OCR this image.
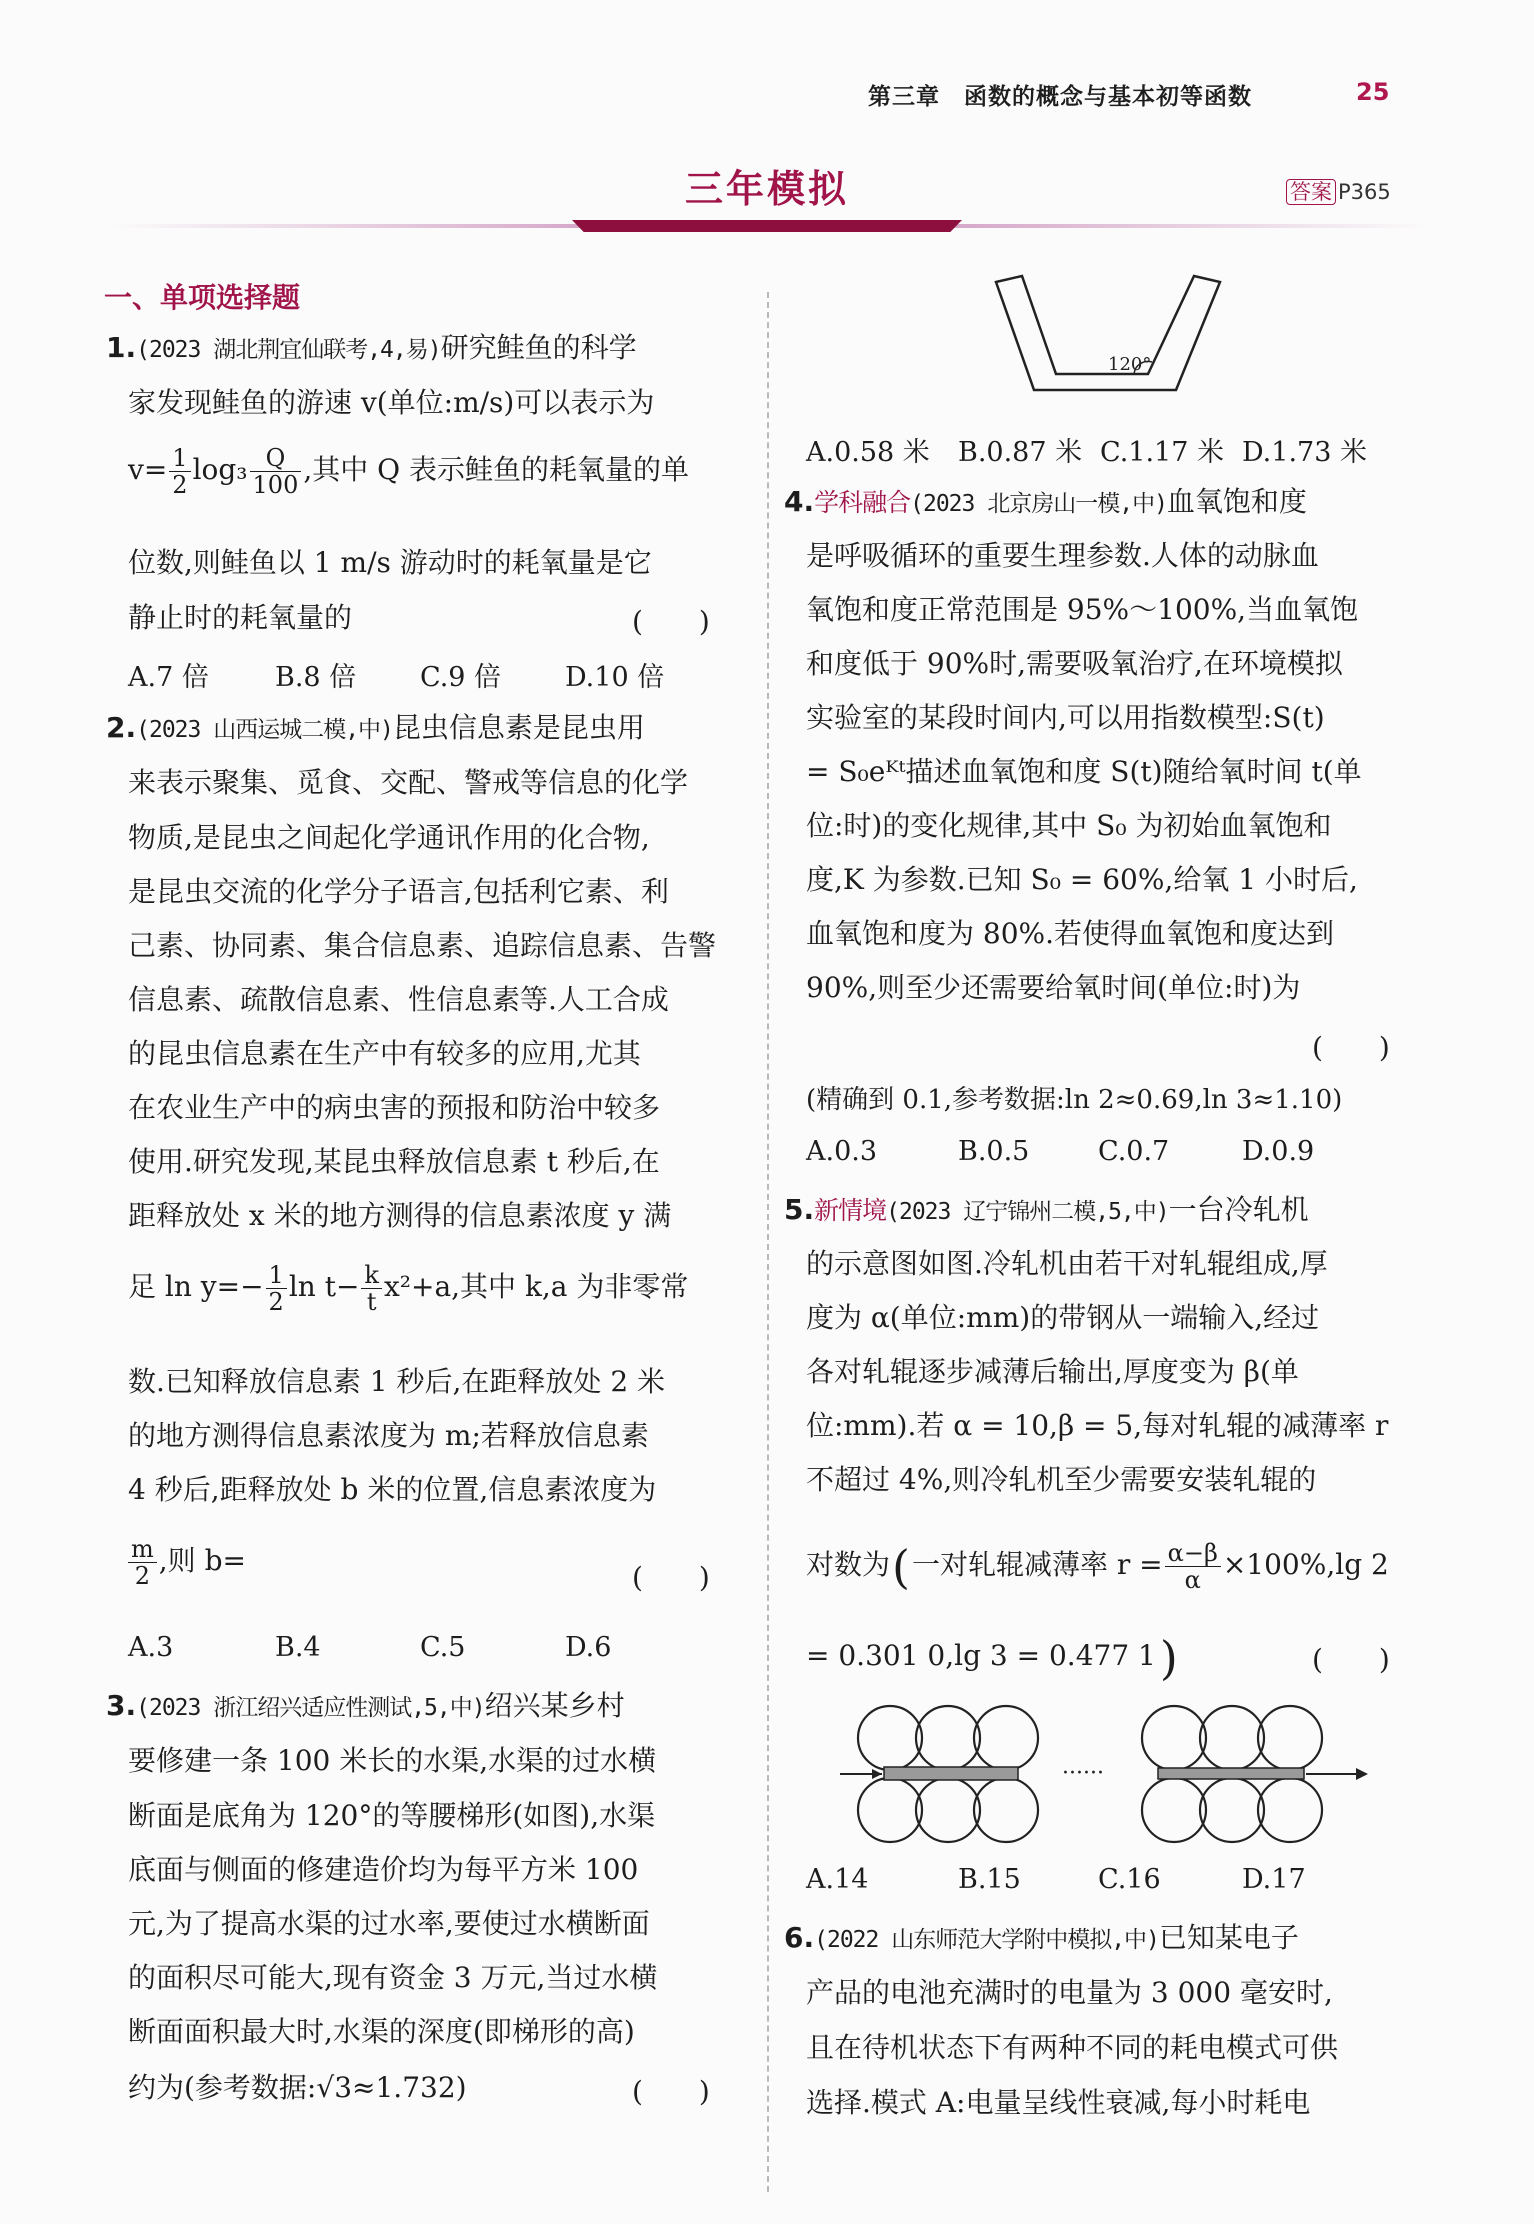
第三章　函数的概念与基本初等函数	25
三年模拟	答案 P365
一、单项选择题
1.(2023 湖北荆宜仙联考,4,易)研究鲑鱼的科学
家发现鲑鱼的游速 v(单位:m/s)可以表示为
$v= \frac{1}{2} \log_3 \frac{Q}{100}$ ,其中 Q 表示鲑鱼的耗氧量的单
位数,则鲑鱼以 1 m/s 游动时的耗氧量是它
静止时的耗氧量的	(　　)
A.7 倍 B.8 倍 C.9 倍 D.10 倍
2.(2023 山西运城二模,中)昆虫信息素是昆虫用
来表示聚集、觅食、交配、警戒等信息的化学
物质,是昆虫之间起化学通讯作用的化合物,
是昆虫交流的化学分子语言,包括利它素、利
己素、协同素、集合信息素、追踪信息素、告警
信息素、疏散信息素、性信息素等.人工合成
的昆虫信息素在生产中有较多的应用,尤其
在农业生产中的病虫害的预报和防治中较多
使用.研究发现,某昆虫释放信息素 t 秒后,在
距释放处 x 米的地方测得的信息素浓度 y 满
足 $\ln y=- \frac{1}{2}$ $\ln t- \frac{k}{t} x^2+a$,其中 k,a 为非零常
数.已知释放信息素 1 秒后,在距释放处 2 米
的地方测得信息素浓度为 m;若释放信息素
4 秒后,距释放处 b 米的位置,信息素浓度为
$\frac{m}{2}$ ,则 b=
(　　)
A.3	B.4	C.5	D.6
3.(2023 浙江绍兴适应性测试,5,中)绍兴某乡村
要修建一条 100 米长的水渠,水渠的过水横
断面是底角为 120°的等腰梯形(如图),水渠
底面与侧面的修建造价均为每平方米 100
元,为了提高水渠的过水率,要使过水横断面
的面积尽可能大,现有资金 3 万元,当过水横
断面面积最大时,水渠的深度(即梯形的高)
约为(参考数据:√3≈1.732)	(　　)
120°
A.0.58 米 B.0.87 米 C.1.17 米 D.1.73 米
4.学科融合(2023 北京房山一模,中)血氧饱和度
是呼吸循环的重要生理参数.人体的动脉血
氧饱和度正常范围是 95%～100%,当血氧饱
和度低于 90%时,需要吸氧治疗,在环境模拟
实验室的某段时间内,可以用指数模型:S(t)
= S₀eᴷᵗ描述血氧饱和度 S(t)随给氧时间 t(单
位:时)的变化规律,其中 S₀ 为初始血氧饱和
度,K 为参数.已知 S₀ = 60%,给氧 1 小时后,
血氧饱和度为 80%.若使得血氧饱和度达到
90%,则至少还需要给氧时间(单位:时)为
(　　)
(精确到 0.1,参考数据:ln 2≈0.69,ln 3≈1.10)
A.0.3	B.0.5	C.0.7	D.0.9
5.新情境(2023 辽宁锦州二模,5,中)一台冷轧机
的示意图如图.冷轧机由若干对轧辊组成,厚
度为 α(单位:mm)的带钢从一端输入,经过
各对轧辊逐步减薄后输出,厚度变为 β(单
位:mm).若 α = 10,β = 5,每对轧辊的减薄率 r
不超过 4%,则冷轧机至少需要安装轧辊的
对数为(一对轧辊减薄率 $r = \frac{\alpha-\beta}{\alpha} \times 100\%,\lg$ 2
= 0.301 0,lg 3 = 0.477 1)	(　　)
······
A.14	B.15	C.16	D.17
6.(2022 山东师范大学附中模拟,中)已知某电子
产品的电池充满时的电量为 3 000 毫安时,
且在待机状态下有两种不同的耗电模式可供
选择.模式 A:电量呈线性衰减,每小时耗电
